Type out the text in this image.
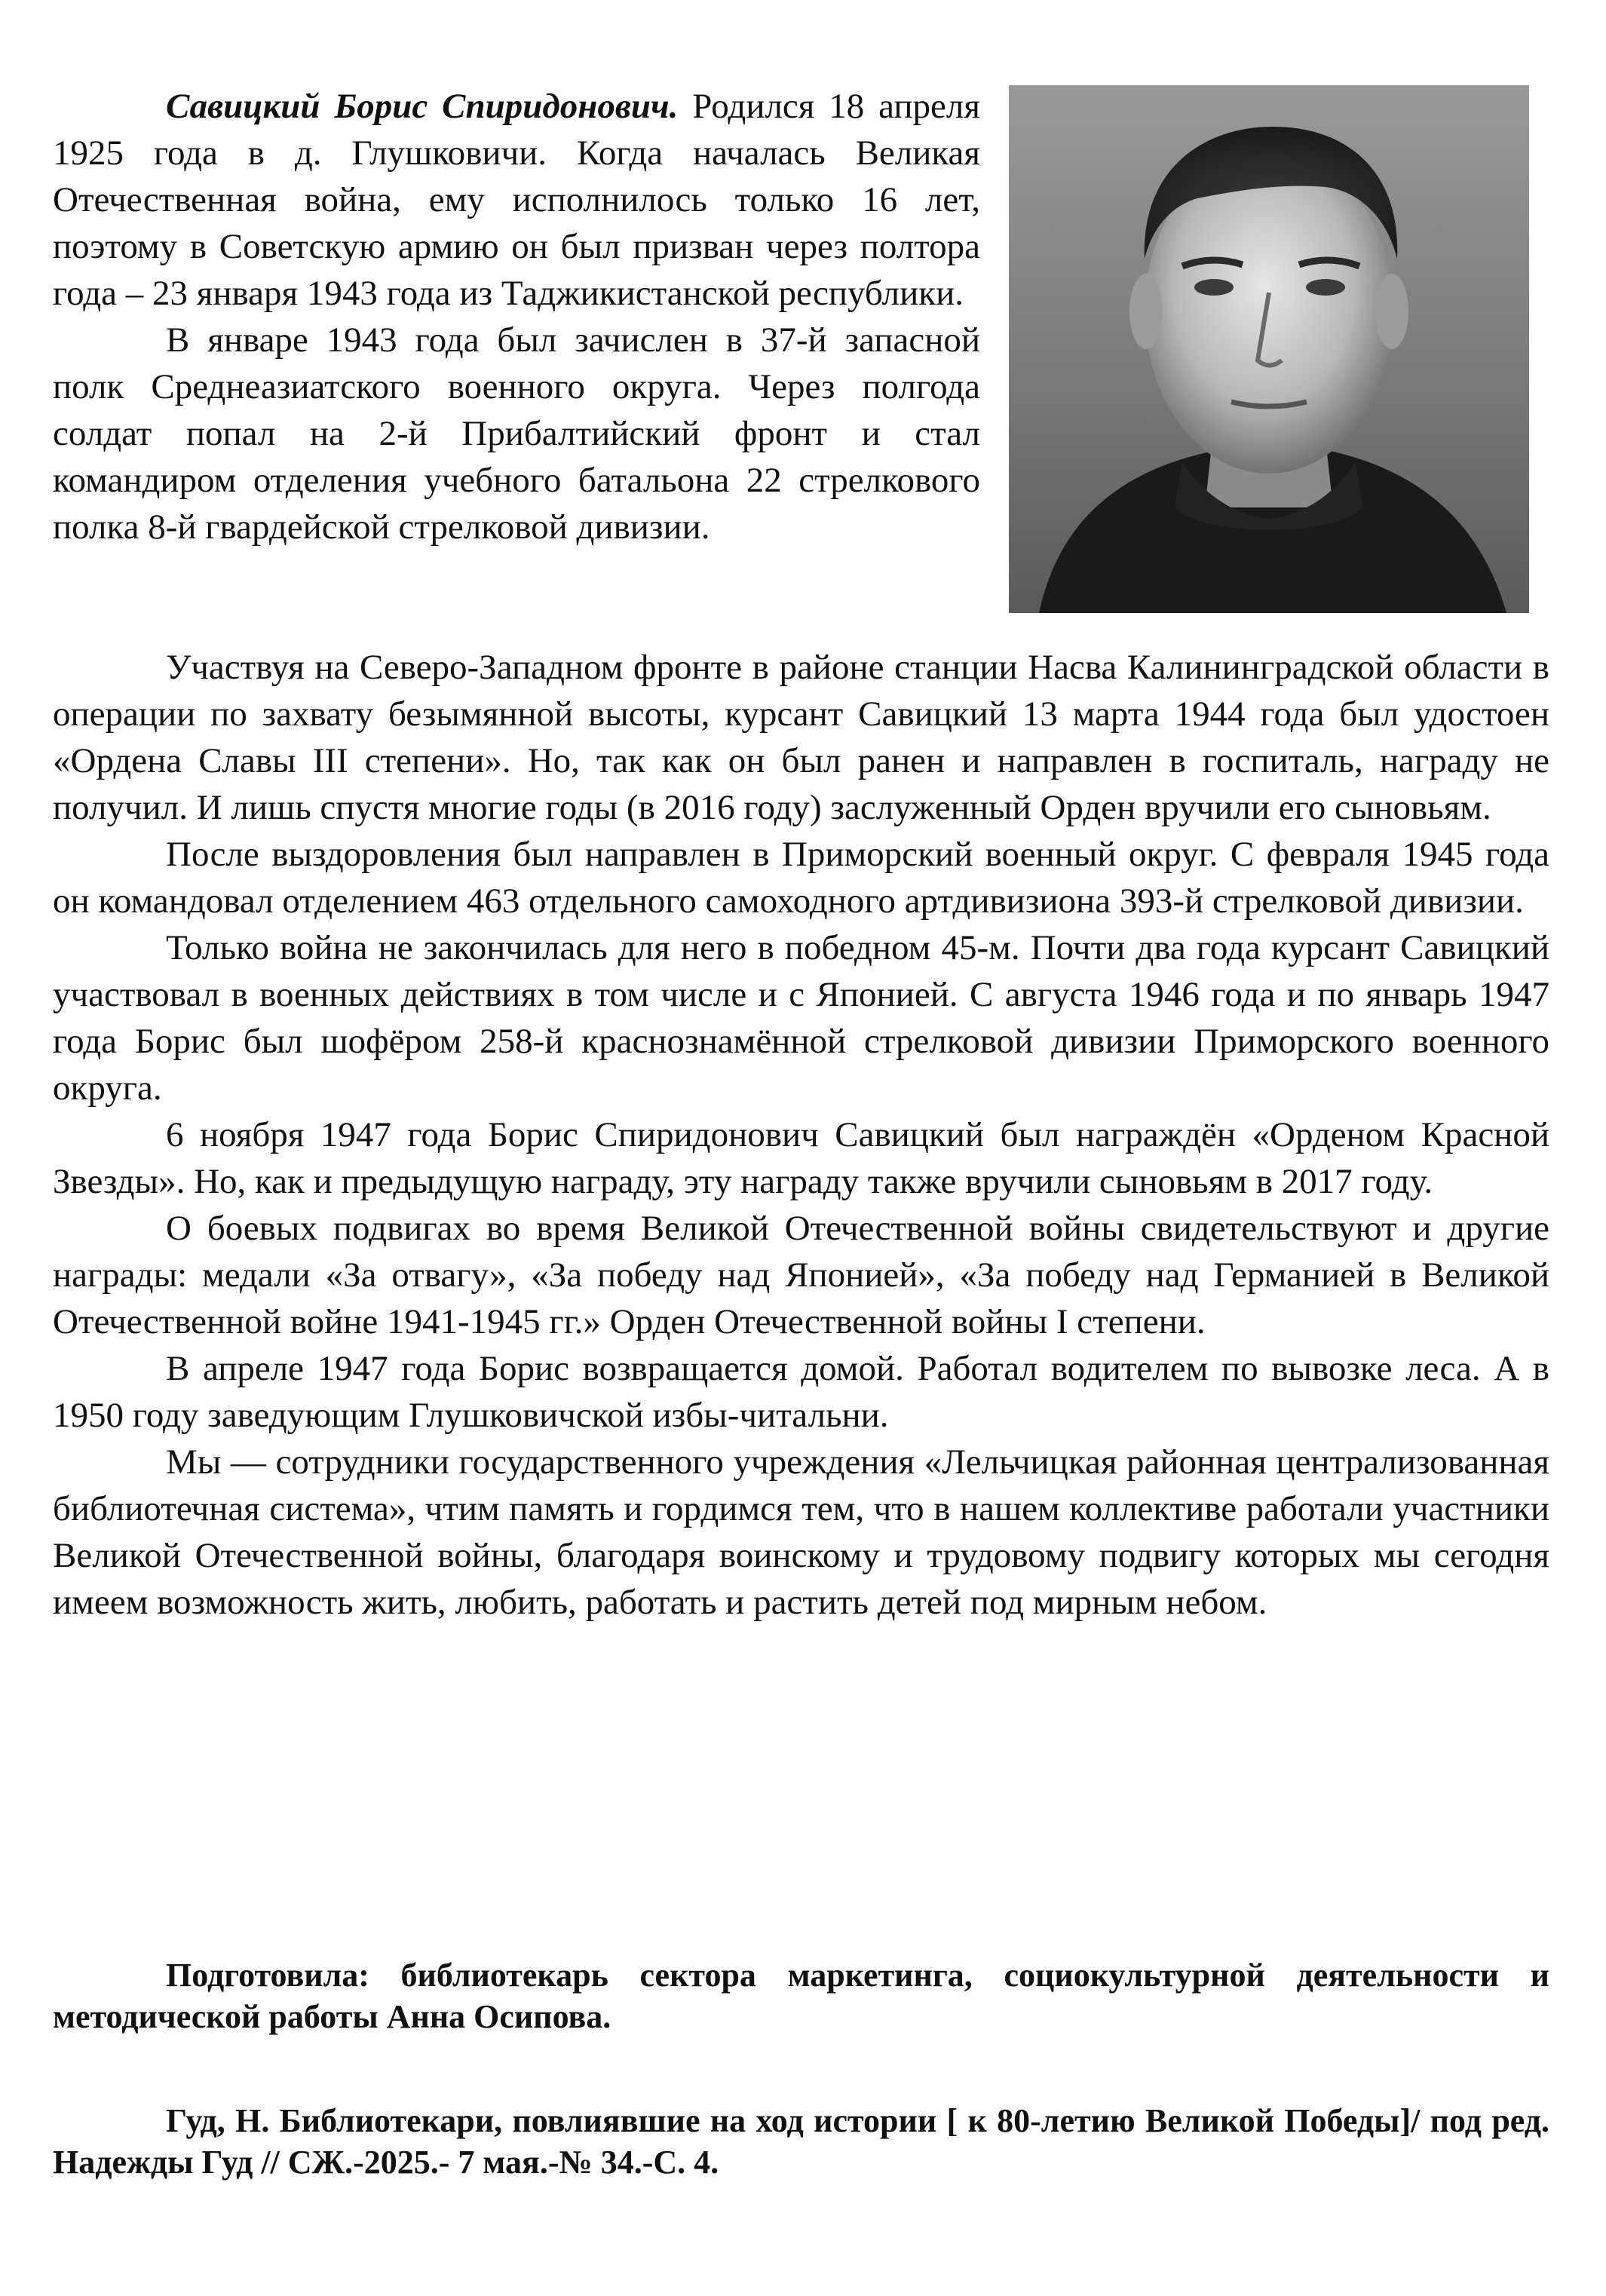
Савицкий Борис Спиридонович. Родился 18 апреля 1925 года в д. Глушковичи. Когда началась Великая Отечественная война, ему исполнилось только 16 лет, поэтому в Советскую армию он был призван через полтора года – 23 января 1943 года из Таджикистанской республики.

В январе 1943 года был зачислен в 37-й запасной полк Среднеазиатского военного округа. Через полгода солдат попал на 2-й Прибалтийский фронт и стал командиром отделения учебного батальона 22 стрелкового полка 8-й гвардейской стрелковой дивизии.

Участвуя на Северо-Западном фронте в районе станции Насва Калининградской области в операции по захвату безымянной высоты, курсант Савицкий 13 марта 1944 года был удостоен «Ордена Славы III степени». Но, так как он был ранен и направлен в госпиталь, награду не получил. И лишь спустя многие годы (в 2016 году) заслуженный Орден вручили его сыновьям.

После выздоровления был направлен в Приморский военный округ. С февраля 1945 года он командовал отделением 463 отдельного самоходного артдивизиона 393-й стрелковой дивизии.

Только война не закончилась для него в победном 45-м. Почти два года курсант Савицкий участвовал в военных действиях в том числе и с Японией. С августа 1946 года и по январь 1947 года Борис был шофёром 258-й краснознамённой стрелковой дивизии Приморского военного округа.

6 ноября 1947 года Борис Спиридонович Савицкий был награждён «Орденом Красной Звезды». Но, как и предыдущую награду, эту награду также вручили сыновьям в 2017 году.

О боевых подвигах во время Великой Отечественной войны свидетельствуют и другие награды: медали «За отвагу», «За победу над Японией», «За победу над Германией в Великой Отечественной войне 1941-1945 гг.» Орден Отечественной войны I степени.

В апреле 1947 года Борис возвращается домой. Работал водителем по вывозке леса. А в 1950 году заведующим Глушковичской избы-читальни.

Мы — сотрудники государственного учреждения «Лельчицкая районная централизованная библиотечная система», чтим память и гордимся тем, что в нашем коллективе работали участники Великой Отечественной войны, благодаря воинскому и трудовому подвигу которых мы сегодня имеем возможность жить, любить, работать и растить детей под мирным небом.

Подготовила: библиотекарь сектора маркетинга, социокультурной деятельности и методической работы Анна Осипова.

Гуд, Н. Библиотекари, повлиявшие на ход истории [ к 80-летию Великой Победы]/ под ред. Надежды Гуд // СЖ.-2025.- 7 мая.-№ 34.-С. 4.
